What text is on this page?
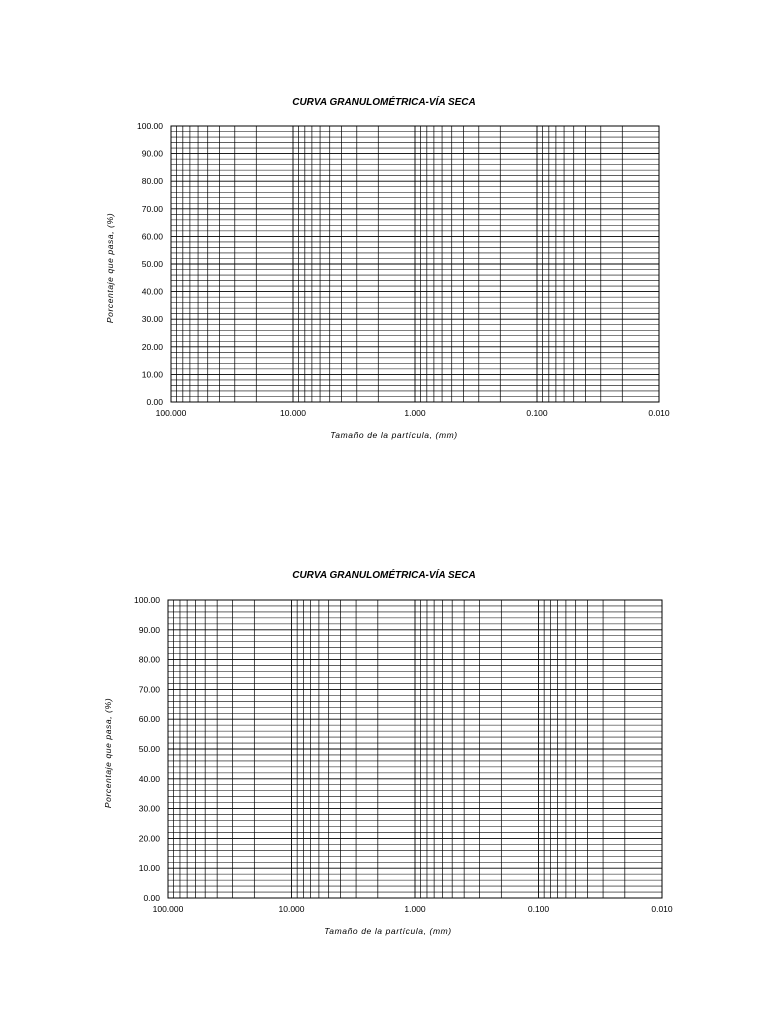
CURVA GRANULOMÉTRICA-VÍA SECA
0.00
10.00
20.00
30.00
40.00
50.00
60.00
70.00
80.00
90.00
100.00
100.000	10.000	1.000	0.100	0.010
Tamaño de la partícula, (mm)
Porcentaje que pasa, (%)
CURVA GRANULOMÉTRICA-VÍA SECA
0.00
10.00
20.00
30.00
40.00
50.00
60.00
70.00
80.00
90.00
100.00
100.000	10.000	1.000	0.100	0.010
Tamaño de la partícula, (mm)
Porcentaje que pasa, (%)
